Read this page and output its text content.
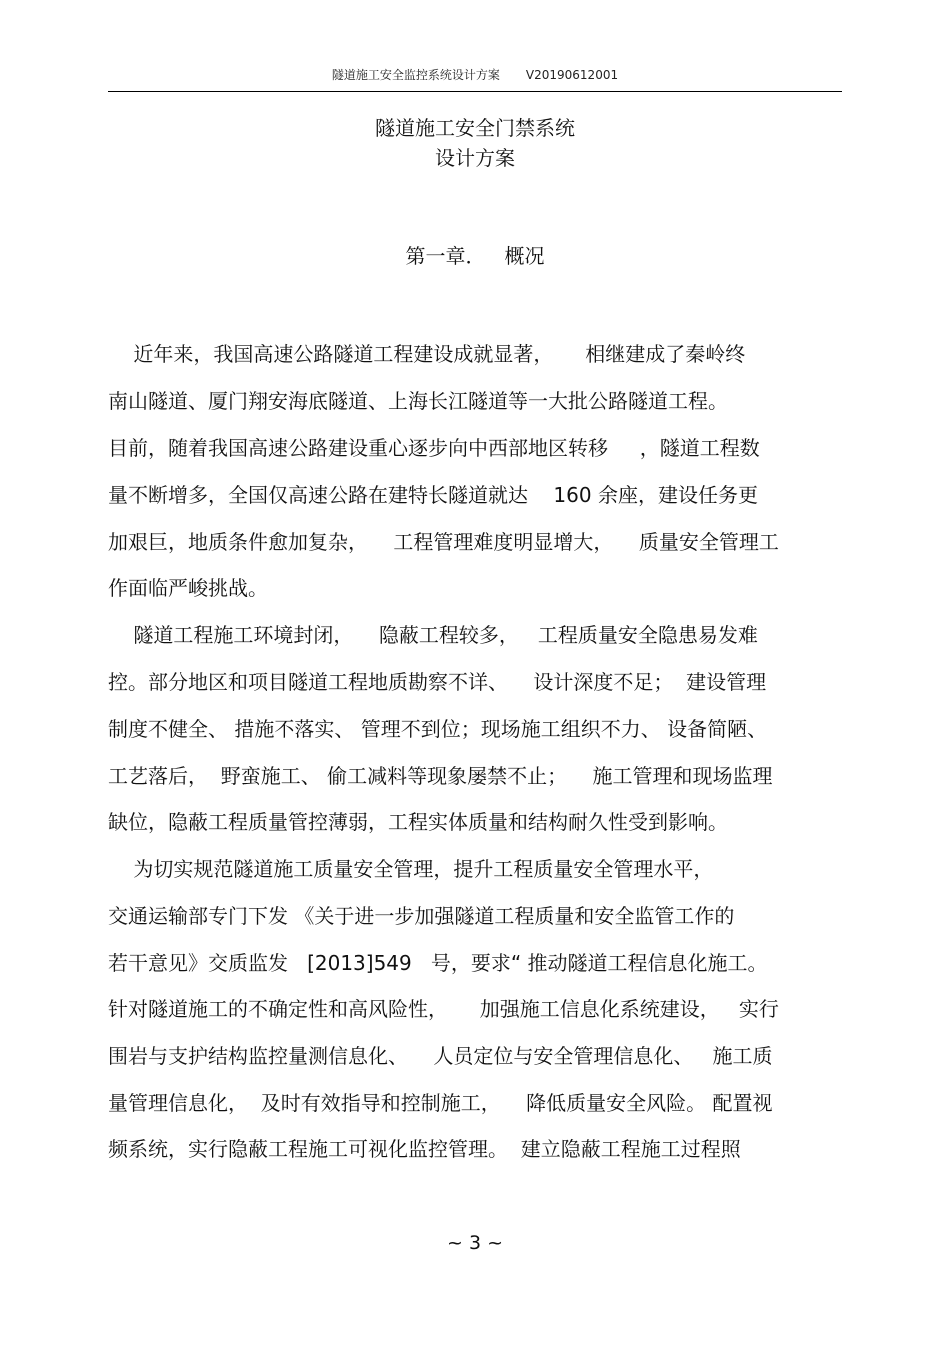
隧道施工安全监控系统设计方案 V20190612001
隧道施工安全门禁系统
设计方案
第一章．   概况
近年来，我国高速公路隧道工程建设成就显著，     相继建成了秦岭终
南山隧道、厦门翔安海底隧道、上海长江隧道等一大批公路隧道工程。
目前，随着我国高速公路建设重心逐步向中西部地区转移     ，隧道工程数
量不断增多，全国仅高速公路在建特长隧道就达    160 余座，建设任务更
加艰巨，地质条件愈加复杂，    工程管理难度明显增大，    质量安全管理工
作面临严峻挑战。
隧道工程施工环境封闭，    隐蔽工程较多，   工程质量安全隐患易发难
控。部分地区和项目隧道工程地质勘察不详、    设计深度不足；  建设管理
制度不健全、 措施不落实、 管理不到位；现场施工组织不力、 设备简陋、
工艺落后，  野蛮施工、 偷工减料等现象屡禁不止；    施工管理和现场监理
缺位，隐蔽工程质量管控薄弱，工程实体质量和结构耐久性受到影响。
为切实规范隧道施工质量安全管理，提升工程质量安全管理水平，
交通运输部专门下发 《关于进一步加强隧道工程质量和安全监管工作的
若干意见》交质监发   [2013]549   号，要求“ 推动隧道工程信息化施工。
针对隧道施工的不确定性和高风险性，     加强施工信息化系统建设，   实行
围岩与支护结构监控量测信息化、    人员定位与安全管理信息化、   施工质
量管理信息化，  及时有效指导和控制施工，    降低质量安全风险。 配置视
频系统，实行隐蔽工程施工可视化监控管理。  建立隐蔽工程施工过程照
~ 3 ~
